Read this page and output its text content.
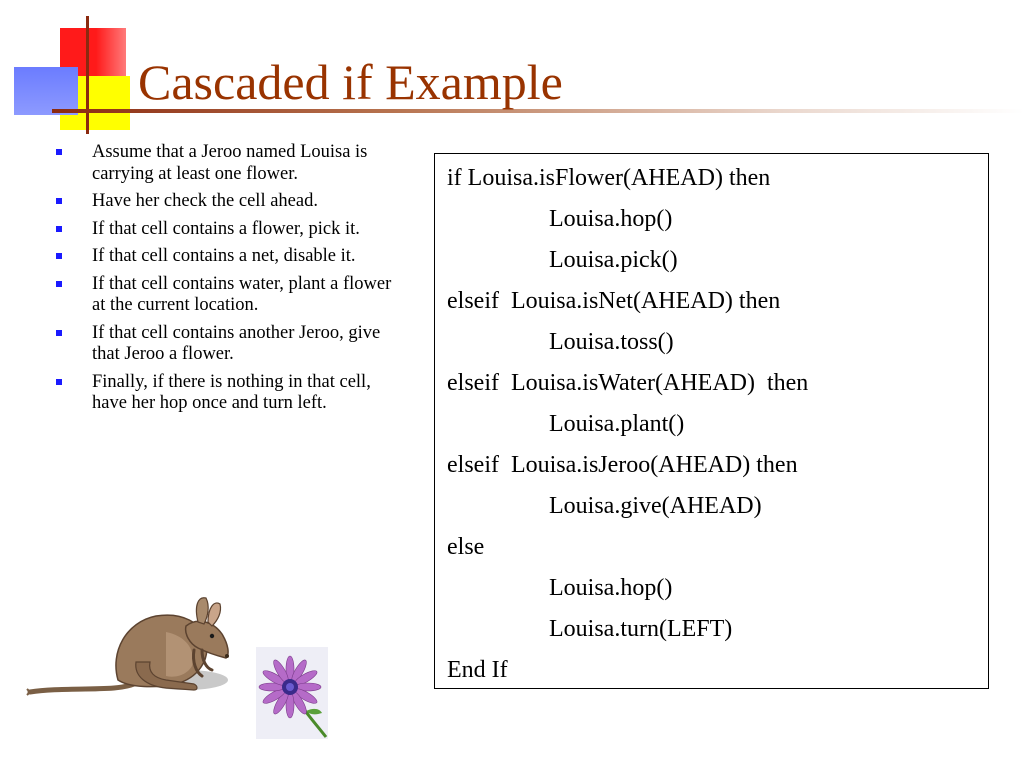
Cascaded if Example
Assume that a Jeroo named Louisa is carrying at least one flower.
Have her check the cell ahead.
If that cell contains a flower, pick it.
If that cell contains a net, disable it.
If that cell contains water, plant a flower at the current location.
If that cell contains another Jeroo, give that Jeroo a flower.
Finally, if there is nothing in that cell, have her hop once and turn left.
if Louisa.isFlower(AHEAD) then
Louisa.hop()
Louisa.pick()
elseif  Louisa.isNet(AHEAD) then
Louisa.toss()
elseif  Louisa.isWater(AHEAD)  then
Louisa.plant()
elseif  Louisa.isJeroo(AHEAD) then
Louisa.give(AHEAD)
else
Louisa.hop()
Louisa.turn(LEFT)
End If
